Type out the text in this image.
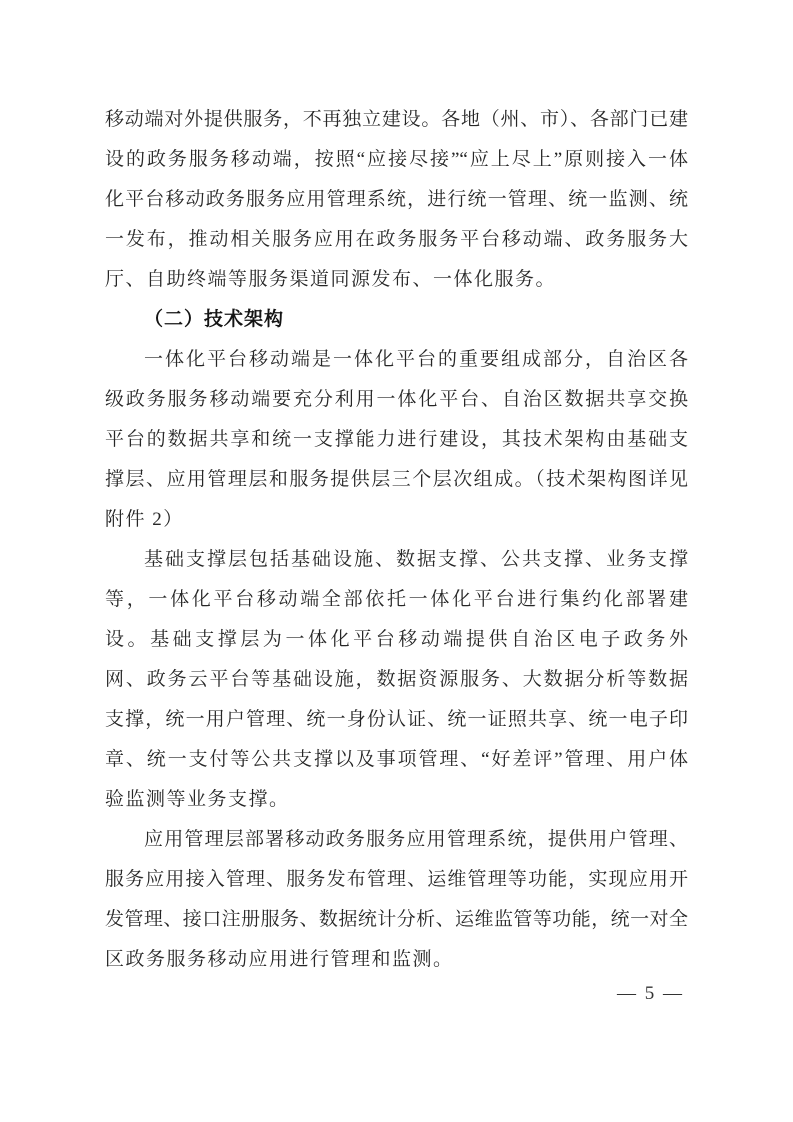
移动端对外提供服务，不再独立建设。各地（州、市）、各部门已建
设的政务服务移动端，按照“应接尽接”“应上尽上”原则接入一体
化平台移动政务服务应用管理系统，进行统一管理、统一监测、统
一发布，推动相关服务应用在政务服务平台移动端、政务服务大
厅、自助终端等服务渠道同源发布、一体化服务。
（二）技术架构
一体化平台移动端是一体化平台的重要组成部分，自治区各
级政务服务移动端要充分利用一体化平台、自治区数据共享交换
平台的数据共享和统一支撑能力进行建设，其技术架构由基础支
撑层、应用管理层和服务提供层三个层次组成。（技术架构图详见
附件 2）
基础支撑层包括基础设施、数据支撑、公共支撑、业务支撑
等，一体化平台移动端全部依托一体化平台进行集约化部署建
设。基础支撑层为一体化平台移动端提供自治区电子政务外
网、政务云平台等基础设施，数据资源服务、大数据分析等数据
支撑，统一用户管理、统一身份认证、统一证照共享、统一电子印
章、统一支付等公共支撑以及事项管理、“好差评”管理、用户体
验监测等业务支撑。
应用管理层部署移动政务服务应用管理系统，提供用户管理、
服务应用接入管理、服务发布管理、运维管理等功能，实现应用开
发管理、接口注册服务、数据统计分析、运维监管等功能，统一对全
区政务服务移动应用进行管理和监测。
— 5 —
